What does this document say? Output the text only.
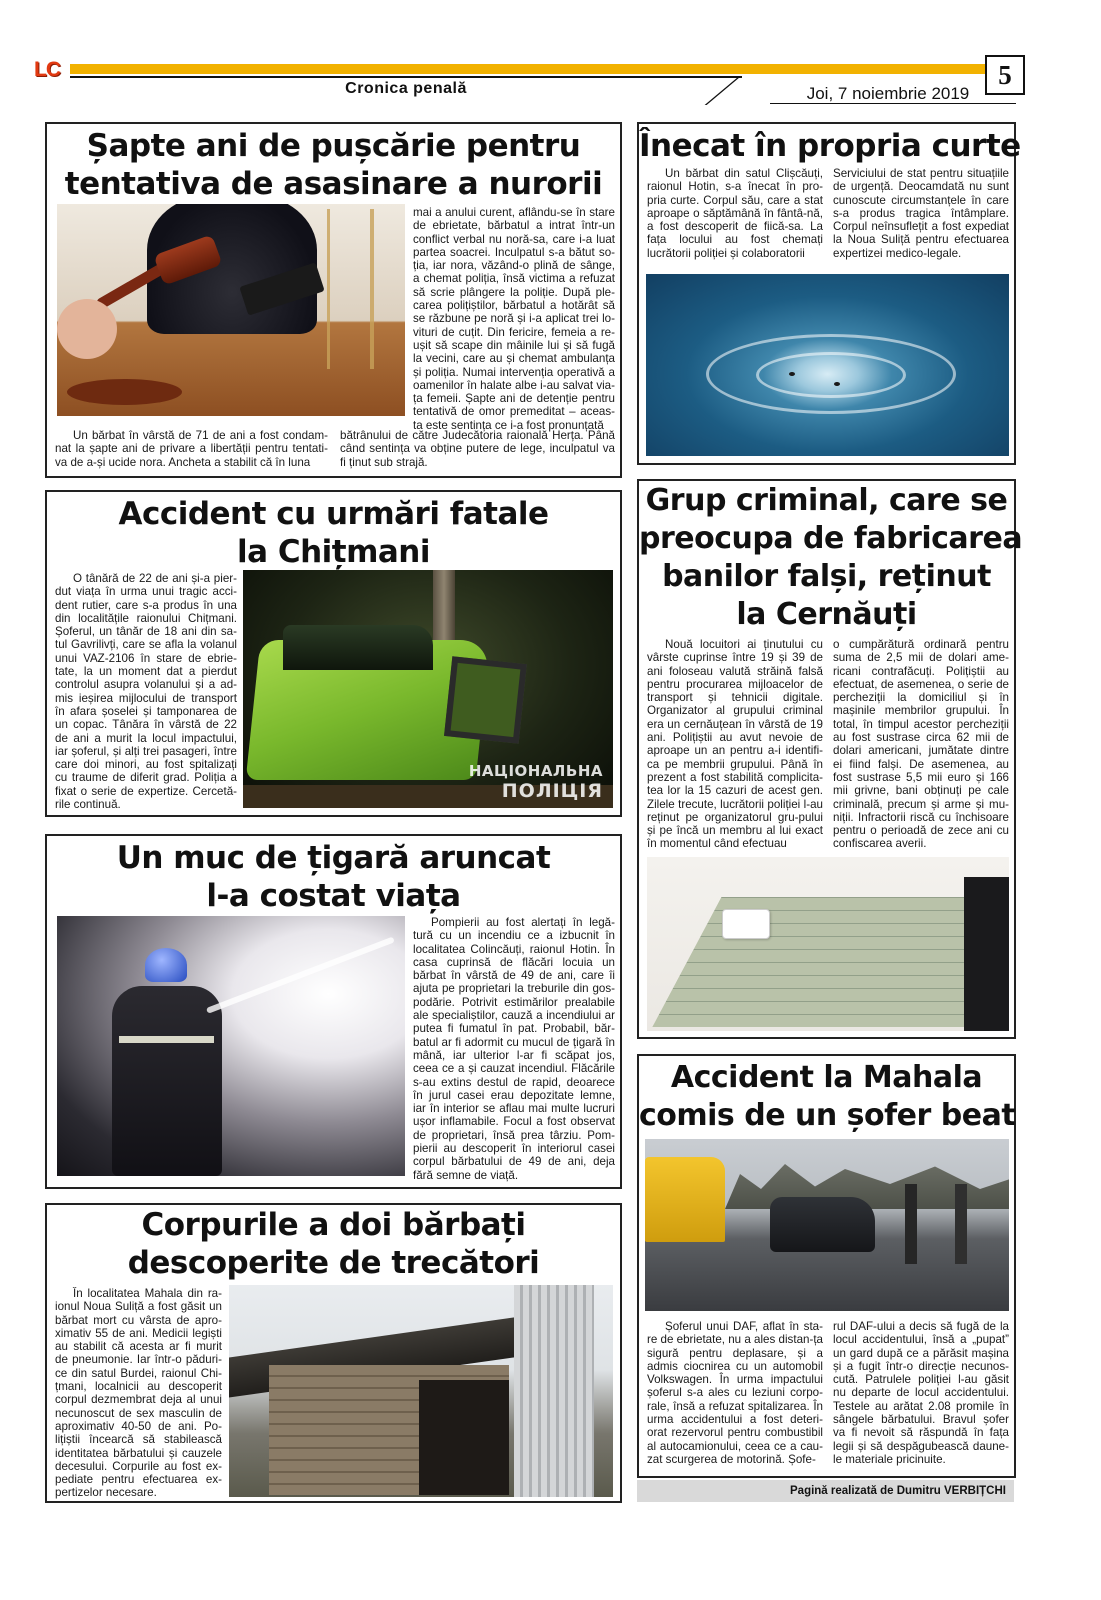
LC
Cronica penală	Joi, 7 noiembrie 2019
5
Șapte ani de pușcărie pentru
tentativa de asasinare a nurorii
mai a anului curent, aflându-se în stare de ebrietate, bărbatul a intrat într-un conflict verbal nu noră-sa, care i-a luat partea soacrei. Inculpatul s-a bătut so-ția, iar nora, văzând-o plină de sânge, a chemat poliția, însă victima a refuzat să scrie plângere la poliție. După ple-carea polițiștilor, bărbatul a hotărât să se răzbune pe noră și i-a aplicat trei lo-vituri de cuțit. Din fericire, femeia a re-ușit să scape din mâinile lui și să fugă la vecini, care au și chemat ambulanța și poliția. Numai intervenția operativă a oamenilor în halate albe i-au salvat via-ța femeii. Șapte ani de detenție pentru tentativă de omor premeditat – aceas-ta este sentința ce i-a fost pronunțată
Un bărbat în vârstă de 71 de ani a fost condam-nat la șapte ani de privare a libertății pentru tentati-va de a-și ucide nora. Ancheta a stabilit că în luna
bătrânului de către Judecătoria raională Herța. Până când sentința va obține putere de lege, inculpatul va fi ținut sub strajă.
Înecat în propria curte
Un bărbat din satul Clișcăuți, raionul Hotin, s-a înecat în pro-pria curte. Corpul său, care a stat aproape o săptămână în fântâ-nă, a fost descoperit de fiică-sa. La fața locului au fost chemați lucrătorii poliției și colaboratorii
Serviciului de stat pentru situațiile de urgență. Deocamdată nu sunt cunoscute circumstanțele în care s-a produs tragica întâmplare. Corpul neînsuflețit a fost expediat la Noua Suliță pentru efectuarea expertizei medico-legale.
Accident cu urmări fatale
la Chițmani
O tânără de 22 de ani și-a pier-dut viața în urma unui tragic acci-dent rutier, care s-a produs în una din localitățile raionului Chițmani. Șoferul, un tânăr de 18 ani din sa-tul Gavrilivți, care se afla la volanul unui VAZ-2106 în stare de ebrie-tate, la un moment dat a pierdut controlul asupra volanului și a ad-mis ieșirea mijlocului de transport în afara șoselei și tamponarea de un copac. Tânăra în vârstă de 22 de ani a murit la locul impactului, iar șoferul, și alți trei pasageri, între care doi minori, au fost spitalizați cu traume de diferit grad. Poliția a fixat o serie de expertize. Cercetă-rile continuă.
НАЦІОНАЛЬНА
ПОЛІЦІЯ
Grup criminal, care se
preocupa de fabricarea
banilor falși, reținut
la Cernăuți
Nouă locuitori ai ținutului cu vârste cuprinse între 19 și 39 de ani foloseau valută străină falsă pentru procurarea mijloacelor de transport și tehnicii digitale. Organizator al grupului criminal era un cernăuțean în vârstă de 19 ani. Polițiștii au avut nevoie de aproape un an pentru a-i identifi-ca pe membrii grupului. Până în prezent a fost stabilită complicita-tea lor la 15 cazuri de acest gen. Zilele trecute, lucrătorii poliției l-au reținut pe organizatorul gru-pului și pe încă un membru al lui exact în momentul când efectuau
o cumpărătură ordinară pentru suma de 2,5 mii de dolari ame-ricani contrafăcuți. Polițiștii au efectuat, de asemenea, o serie de percheziții la domiciliul și în mașinile membrilor grupului. În total, în timpul acestor percheziții au fost sustrase circa 62 mii de dolari americani, jumătate dintre ei fiind falși. De asemenea, au fost sustrase 5,5 mii euro și 166 mii grivne, bani obținuți pe cale criminală, precum și arme și mu-niții. Infractorii riscă cu închisoare pentru o perioadă de zece ani cu confiscarea averii.
Un muc de țigară aruncat
l-a costat viața
Pompierii au fost alertați în legă-tură cu un incendiu ce a izbucnit în localitatea Colincăuți, raionul Hotin. În casa cuprinsă de flăcări locuia un bărbat în vârstă de 49 de ani, care îi ajuta pe proprietari la treburile din gos-podărie. Potrivit estimărilor prealabile ale specialiștilor, cauză a incendiului ar putea fi fumatul în pat. Probabil, băr-batul ar fi adormit cu mucul de țigară în mână, iar ulterior l-ar fi scăpat jos, ceea ce a și cauzat incendiul. Flăcările s-au extins destul de rapid, deoarece în jurul casei erau depozitate lemne, iar în interior se aflau mai multe lucruri ușor inflamabile. Focul a fost observat de proprietari, însă prea târziu. Pom-pierii au descoperit în interiorul casei corpul bărbatului de 49 de ani, deja fără semne de viață.
Accident la Mahala
comis de un șofer beat
Șoferul unui DAF, aflat în sta-re de ebrietate, nu a ales distan-ța sigură pentru deplasare, și a admis ciocnirea cu un automobil Volkswagen. În urma impactului șoferul s-a ales cu leziuni corpo-rale, însă a refuzat spitalizarea. În urma accidentului a fost deteri-orat rezervorul pentru combustibil al autocamionului, ceea ce a cau-zat scurgerea de motorină. Șofe-
rul DAF-ului a decis să fugă de la locul accidentului, însă a „pupat” un gard după ce a părăsit mașina și a fugit într-o direcție necunos-cută. Patrulele poliției l-au găsit nu departe de locul accidentului. Testele au arătat 2.08 promile în sângele bărbatului. Bravul șofer va fi nevoit să răspundă în fața legii și să despăgubească daune-le materiale pricinuite.
Corpurile a doi bărbați
descoperite de trecători
În localitatea Mahala din ra-ionul Noua Suliță a fost găsit un bărbat mort cu vârsta de apro-ximativ 55 de ani. Medicii legiști au stabilit că acesta ar fi murit de pneumonie. Iar într-o păduri-ce din satul Burdei, raionul Chi-țmani, localnicii au descoperit corpul dezmembrat deja al unui necunoscut de sex masculin de aproximativ 40-50 de ani. Po-lițiștii încearcă să stabilească identitatea bărbatului și cauzele decesului. Corpurile au fost ex-pediate pentru efectuarea ex-pertizelor necesare.	Pagină realizată de Dumitru VERBIȚCHI
